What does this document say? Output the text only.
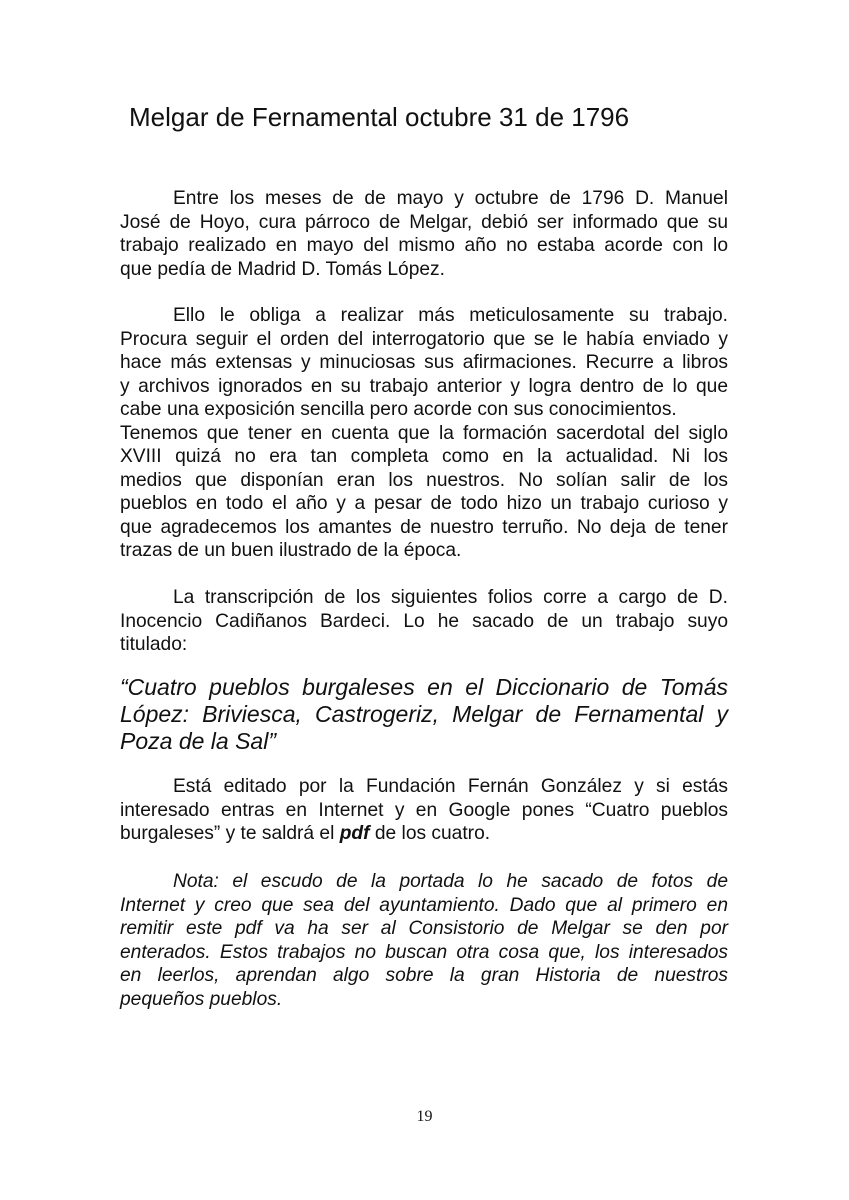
Melgar de Fernamental octubre 31 de 1796
Entre los meses de de mayo y octubre de 1796 D. Manuel
José de Hoyo, cura párroco de Melgar, debió ser informado que su
trabajo realizado en mayo del mismo año no estaba acorde con lo
que pedía de Madrid D. Tomás López.
Ello le obliga a realizar más meticulosamente su trabajo.
Procura seguir el orden del interrogatorio que se le había enviado y
hace más extensas y minuciosas sus afirmaciones. Recurre a libros
y archivos ignorados en su trabajo anterior y logra dentro de lo que
cabe una exposición sencilla pero acorde con sus conocimientos.
Tenemos que tener en cuenta que la formación sacerdotal del siglo
XVIII quizá no era tan completa como en la actualidad. Ni los
medios que disponían eran los nuestros. No solían salir de los
pueblos en todo el año y a pesar de todo hizo un trabajo curioso y
que agradecemos los amantes de nuestro terruño. No deja de tener
trazas de un buen ilustrado de la época.
La transcripción de los siguientes folios corre a cargo de D.
Inocencio Cadiñanos Bardeci. Lo he sacado de un trabajo suyo
titulado:
“Cuatro pueblos burgaleses en el Diccionario de Tomás
López: Briviesca, Castrogeriz, Melgar de Fernamental y
Poza de la Sal”
Está editado por la Fundación Fernán González y si estás
interesado entras en Internet y en Google pones “Cuatro pueblos
burgaleses” y te saldrá el pdf de los cuatro.
Nota: el escudo de la portada lo he sacado de fotos de
Internet y creo que sea del ayuntamiento. Dado que al primero en
remitir este pdf va ha ser al Consistorio de Melgar se den por
enterados. Estos trabajos no buscan otra cosa que, los interesados
en leerlos, aprendan algo sobre la gran Historia de nuestros
pequeños pueblos.
19
